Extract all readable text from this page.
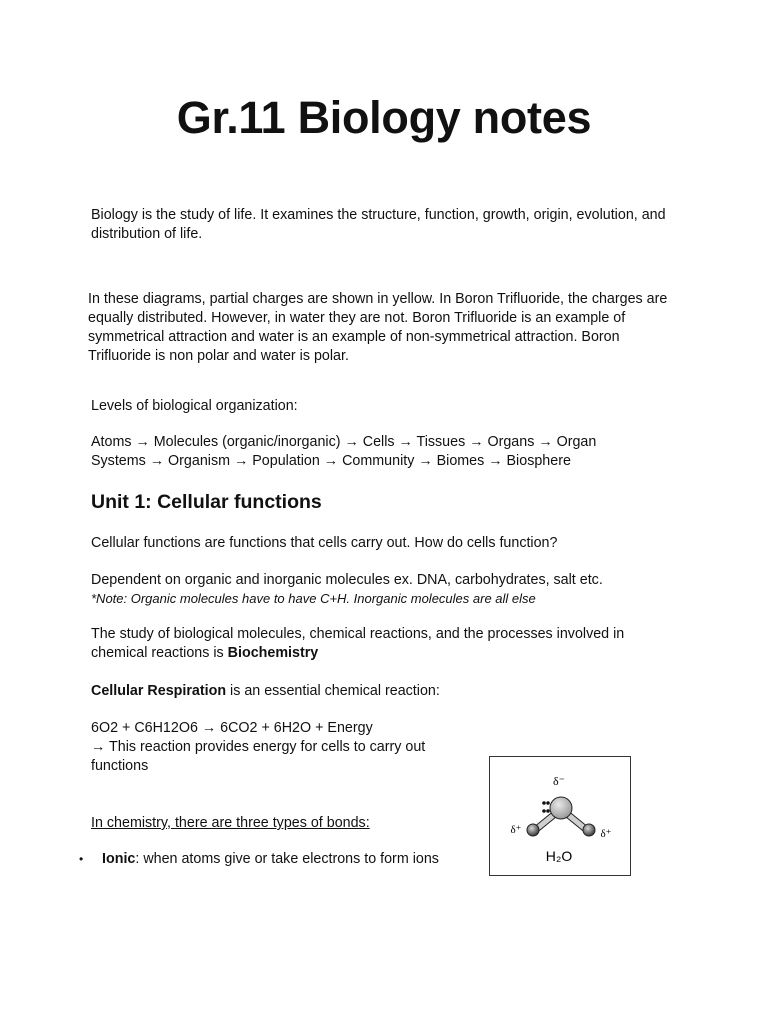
Gr.11 Biology notes

Biology is the study of life. It examines the structure, function, growth, origin, evolution, and distribution of life.

In these diagrams, partial charges are shown in yellow. In Boron Trifluoride, the charges are equally distributed. However, in water they are not. Boron Trifluoride is an example of symmetrical attraction and water is an example of non-symmetrical attraction. Boron Trifluoride is non polar and water is polar.

Levels of biological organization:

Atoms → Molecules (organic/inorganic) → Cells → Tissues → Organs → Organ Systems → Organism → Population → Community → Biomes → Biosphere

Unit 1: Cellular functions

Cellular functions are functions that cells carry out. How do cells function?

Dependent on organic and inorganic molecules ex. DNA, carbohydrates, salt etc.

*Note: Organic molecules have to have C+H. Inorganic molecules are all else

The study of biological molecules, chemical reactions, and the processes involved in chemical reactions is Biochemistry

Cellular Respiration is an essential chemical reaction:

6O2 + C6H12O6 → 6CO2 + 6H2O + Energy

→ This reaction provides energy for cells to carry out functions

In chemistry, there are three types of bonds:

• Ionic: when atoms give or take electrons to form ions

δ⁻
δ⁺	δ⁺
H₂O
